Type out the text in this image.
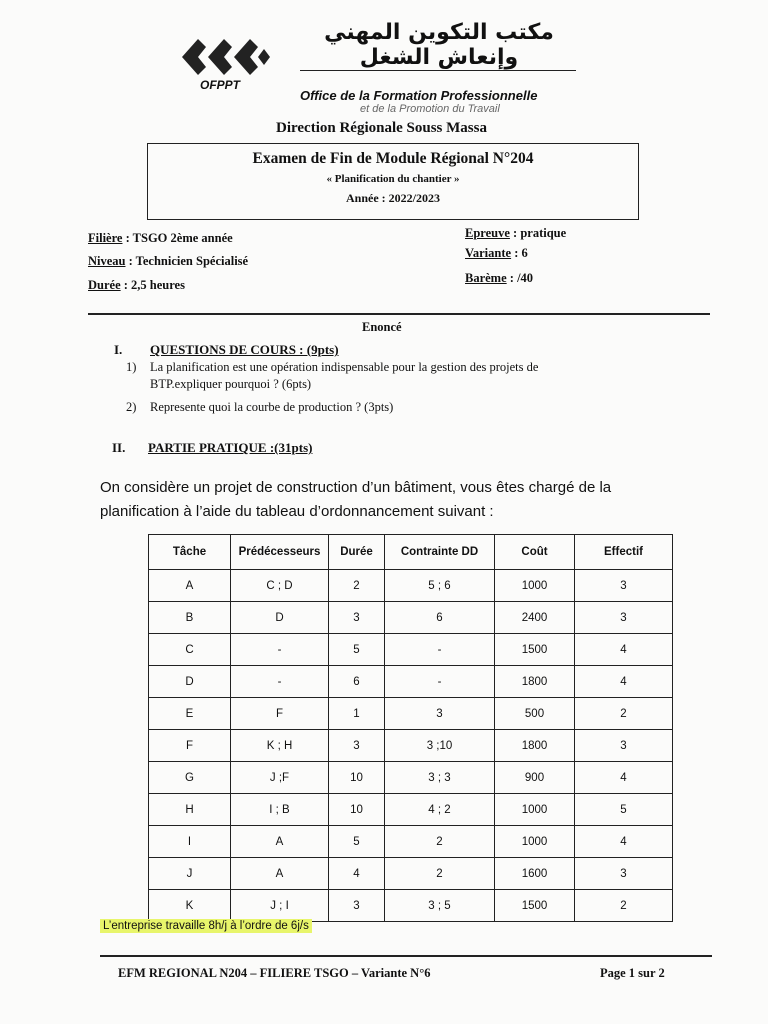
OFPPT
مكتب التكوين المهني وإنعاش الشغل
Office de la Formation Professionnelle
et de la Promotion du Travail
Direction Régionale Souss Massa
Examen de Fin de Module Régional N°204
« Planification du chantier »
Année : 2022/2023
Filière : TSGO 2ème année
Niveau : Technicien Spécialisé
Durée : 2,5 heures
Epreuve : pratique
Variante : 6
Barème : /40
Enoncé
I. QUESTIONS DE COURS : (9pts)
1) La planification est une opération indispensable pour la gestion des projets de
BTP.expliquer pourquoi ? (6pts)
2) Represente quoi la courbe de production ? (3pts)
II. PARTIE PRATIQUE :(31pts)
On considère un projet de construction d’un bâtiment, vous êtes chargé de la planification à l’aide du tableau d’ordonnancement suivant :
Tâche	Prédécesseurs	Durée	Contrainte DD	Coût	Effectif
A	C ; D	2	5 ; 6	1000	3
B	D	3	6	2400	3
C	-	5	-	1500	4
D	-	6	-	1800	4
E	F	1	3	500	2
F	K ; H	3	3 ;10	1800	3
G	J ;F	10	3 ; 3	900	4
H	I ; B	10	4 ; 2	1000	5
I	A	5	2	1000	4
J	A	4	2	1600	3
K	J ; I	3	3 ; 5	1500	2
L’entreprise travaille 8h/j à l’ordre de 6j/s
EFM REGIONAL N204 – FILIERE TSGO – Variante N°6	Page 1 sur 2
